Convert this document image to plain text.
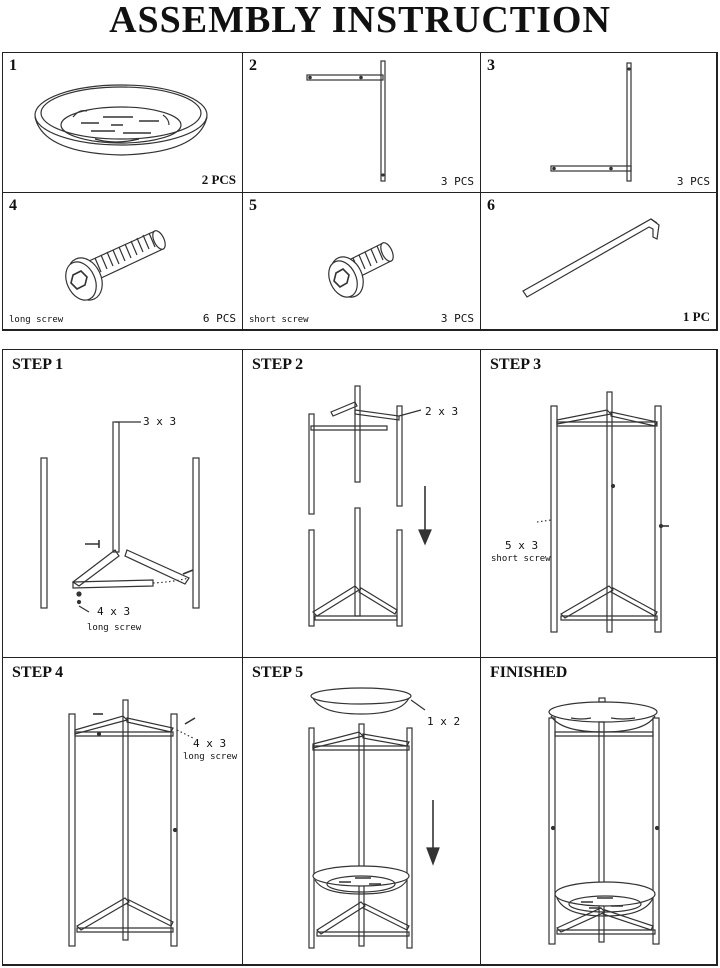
ASSEMBLY INSTRUCTION
1
2 PCS
2
3 PCS
3
3 PCS
4
long screw	6 PCS
5
short screw	3 PCS
6
1 PC
STEP 1
3 x 3
4 x 3
long screw
STEP 2
2 x 3
STEP 3
5 x 3
short screw
STEP 4
4 x 3
long screw
STEP 5
1 x 2
FINISHED
